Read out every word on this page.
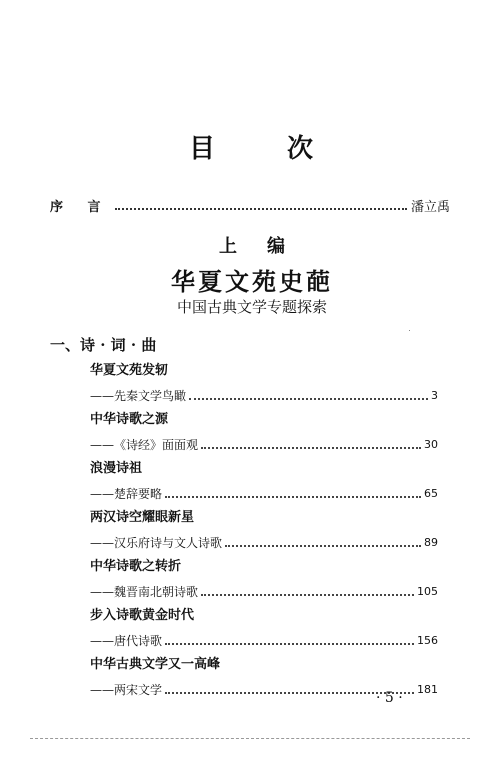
目	次
序 言	潘立禹
上 编
华夏文苑史葩
中国古典文学专题探索
一、诗 · 词 · 曲
华夏文苑发轫
——先秦文学鸟瞰	3
中华诗歌之源
——《诗经》面面观	30
浪漫诗祖
——楚辞要略	65
两汉诗空耀眼新星
——汉乐府诗与文人诗歌	89
中华诗歌之转折
——魏晋南北朝诗歌	105
步入诗歌黄金时代
——唐代诗歌	156
中华古典文学又一高峰
——两宋文学	181
· 5 ·
